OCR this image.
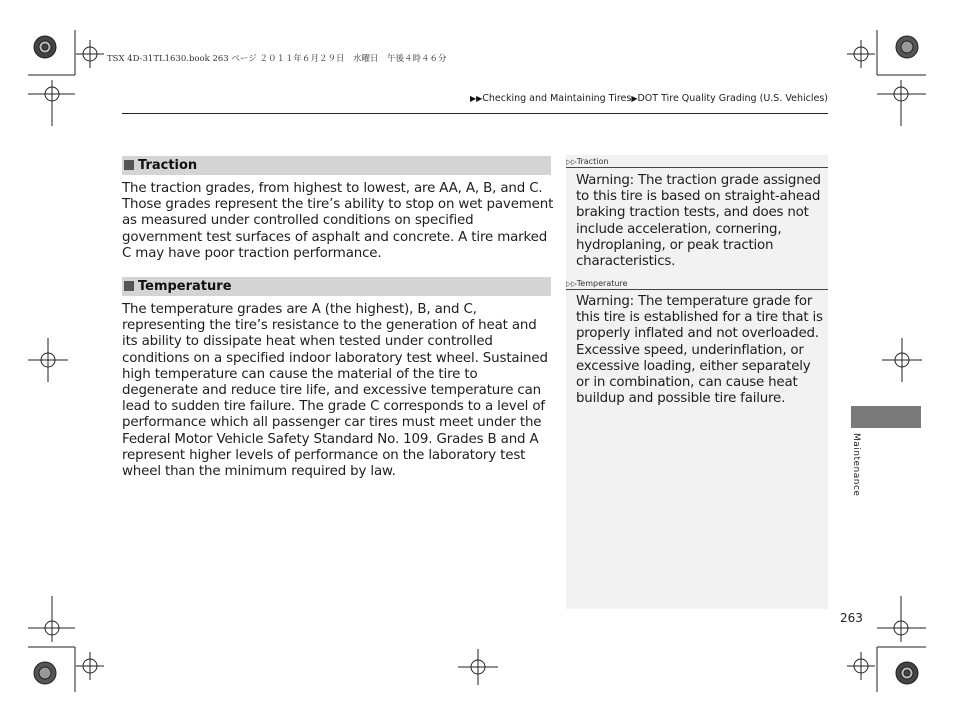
TSX 4D-31TL1630.book 263 ページ ２０１１年６月２９日　水曜日　午後４時４６分
▶▶Checking and Maintaining Tires▶DOT Tire Quality Grading (U.S. Vehicles)
Traction
The traction grades, from highest to lowest, are AA, A, B, and C. Those grades represent the tire’s ability to stop on wet pavement as measured under controlled conditions on specified government test surfaces of asphalt and concrete. A tire marked C may have poor traction performance.
Temperature
The temperature grades are A (the highest), B, and C, representing the tire’s resistance to the generation of heat and its ability to dissipate heat when tested under controlled conditions on a specified indoor laboratory test wheel. Sustained high temperature can cause the material of the tire to degenerate and reduce tire life, and excessive temperature can lead to sudden tire failure. The grade C corresponds to a level of performance which all passenger car tires must meet under the Federal Motor Vehicle Safety Standard No. 109. Grades B and A represent higher levels of performance on the laboratory test wheel than the minimum required by law.
▷▷Traction
Warning: The traction grade assigned to this tire is based on straight-ahead braking traction tests, and does not include acceleration, cornering, hydroplaning, or peak traction characteristics.
▷▷Temperature
Warning: The temperature grade for this tire is established for a tire that is properly inflated and not overloaded. Excessive speed, underinflation, or excessive loading, either separately or in combination, can cause heat buildup and possible tire failure.
Maintenance
263
